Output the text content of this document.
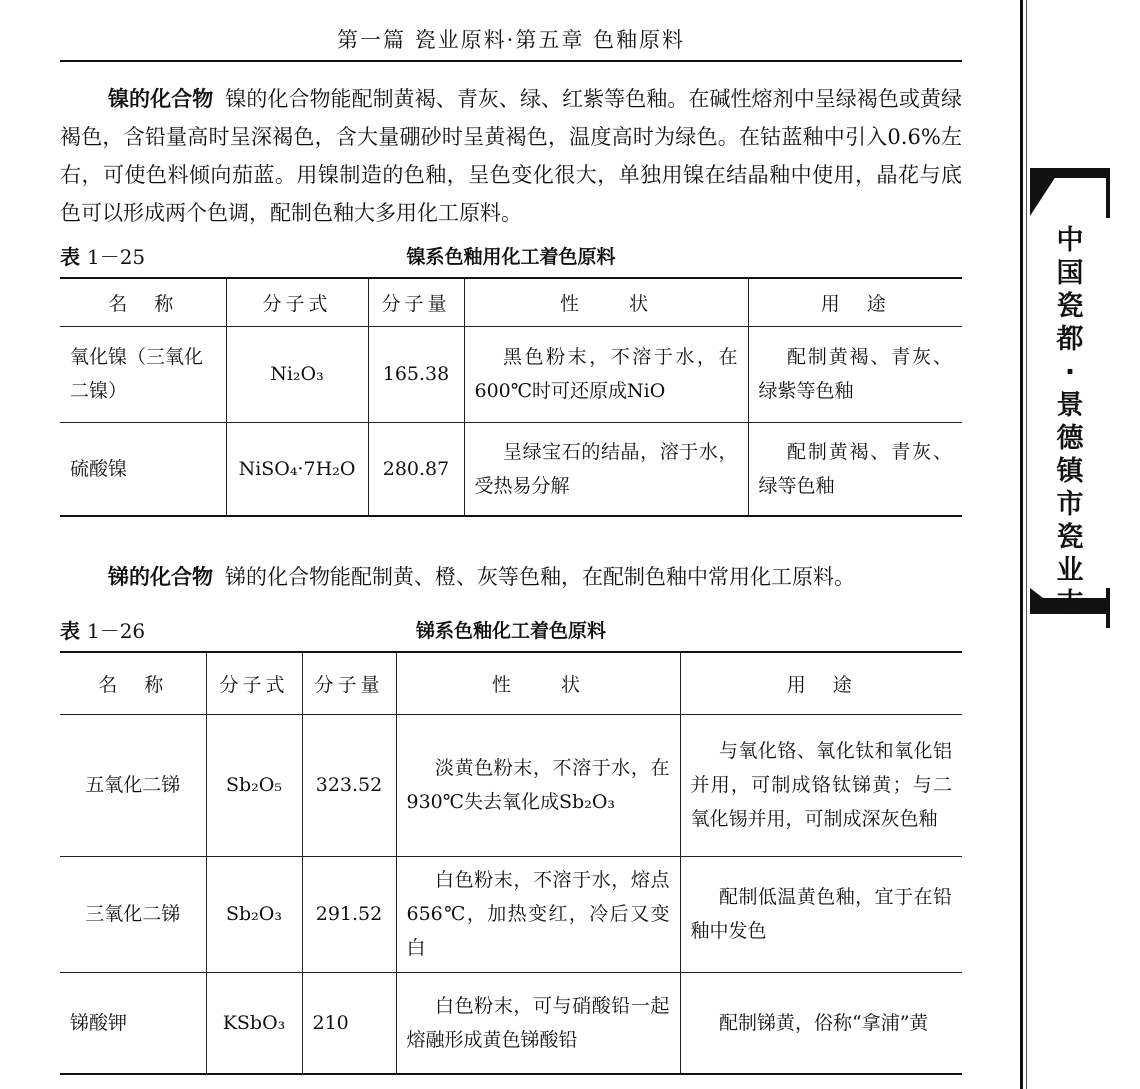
第一篇 瓷业原料·第五章 色釉原料
镍的化合物 镍的化合物能配制黄褐、青灰、绿、红紫等色釉。在碱性熔剂中呈绿褐色或黄绿褐色，含铅量高时呈深褐色，含大量硼砂时呈黄褐色，温度高时为绿色。在钴蓝釉中引入0.6%左右，可使色料倾向茄蓝。用镍制造的色釉，呈色变化很大，单独用镍在结晶釉中使用，晶花与底色可以形成两个色调，配制色釉大多用化工原料。
表 1－25	镍系色釉用化工着色原料
名　称	分子式	分子量	性　　状	用　途
氧化镍（三氧化二镍）	Ni₂O₃	165.38	黑色粉末，不溶于水，在600℃时可还原成NiO	配制黄褐、青灰、绿紫等色釉
硫酸镍	NiSO₄·7H₂O	280.87	呈绿宝石的结晶，溶于水，受热易分解	配制黄褐、青灰、绿等色釉
锑的化合物 锑的化合物能配制黄、橙、灰等色釉，在配制色釉中常用化工原料。
表 1－26	锑系色釉化工着色原料
名　称	分子式	分子量	性　　状	用　途
五氧化二锑	Sb₂O₅	323.52	淡黄色粉末，不溶于水，在930℃失去氧化成Sb₂O₃	与氧化铬、氧化钛和氧化铝并用，可制成铬钛锑黄；与二氧化锡并用，可制成深灰色釉
三氧化二锑	Sb₂O₃	291.52	白色粉末，不溶于水，熔点656℃，加热变红，冷后又变白	配制低温黄色釉，宜于在铅釉中发色
锑酸钾	KSbO₃	210	白色粉末，可与硝酸铅一起熔融形成黄色锑酸铅	配制锑黄，俗称“拿浦”黄
中
国
瓷
都
·
景
德
镇
市
瓷
业
志
